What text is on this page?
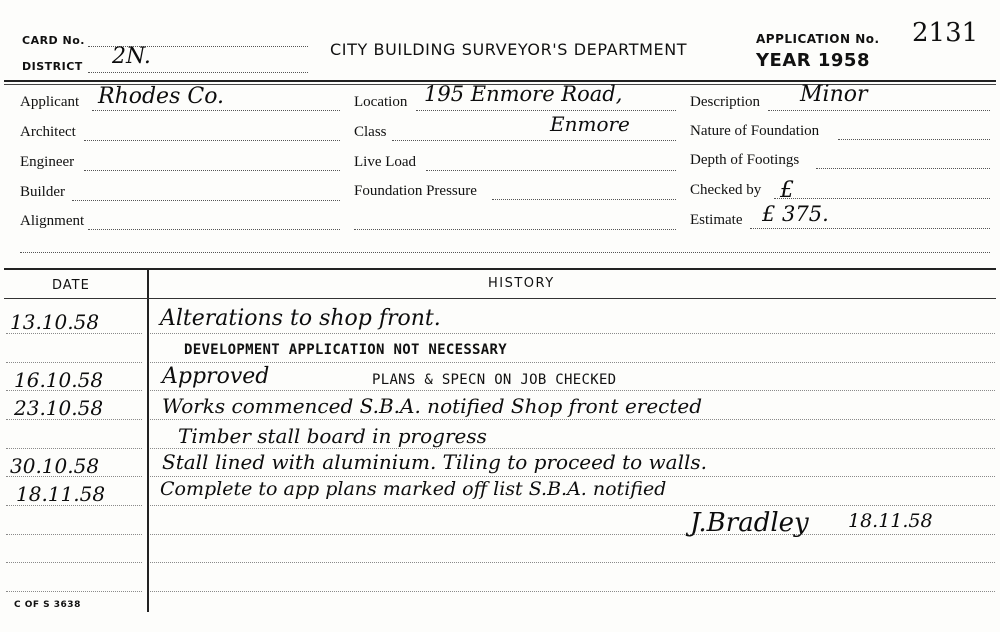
CARD No.
DISTRICT 2N.	CITY BUILDING SURVEYOR'S DEPARTMENT
APPLICATION No. 2131
YEAR 1958
Applicant Rhodes Co.
Architect
Engineer
Builder
Alignment
Location 195 Enmore Road,
Class	Enmore
Live Load
Foundation Pressure
Description Minor
Nature of Foundation
Depth of Footings
Checked by £
Estimate £ 375.
DATE	HISTORY
13.10.58	Alterations to shop front.
DEVELOPMENT APPLICATION NOT NECESSARY
16.10.58	Approved	PLANS & SPECN ON JOB CHECKED
23.10.58	Works commenced S.B.A. notified Shop front erected
Timber stall board in progress
30.10.58	Stall lined with aluminium. Tiling to proceed to walls.
18.11.58	Complete to app plans marked off list S.B.A. notified
J.Bradley 18.11.58
C OF S 3638
